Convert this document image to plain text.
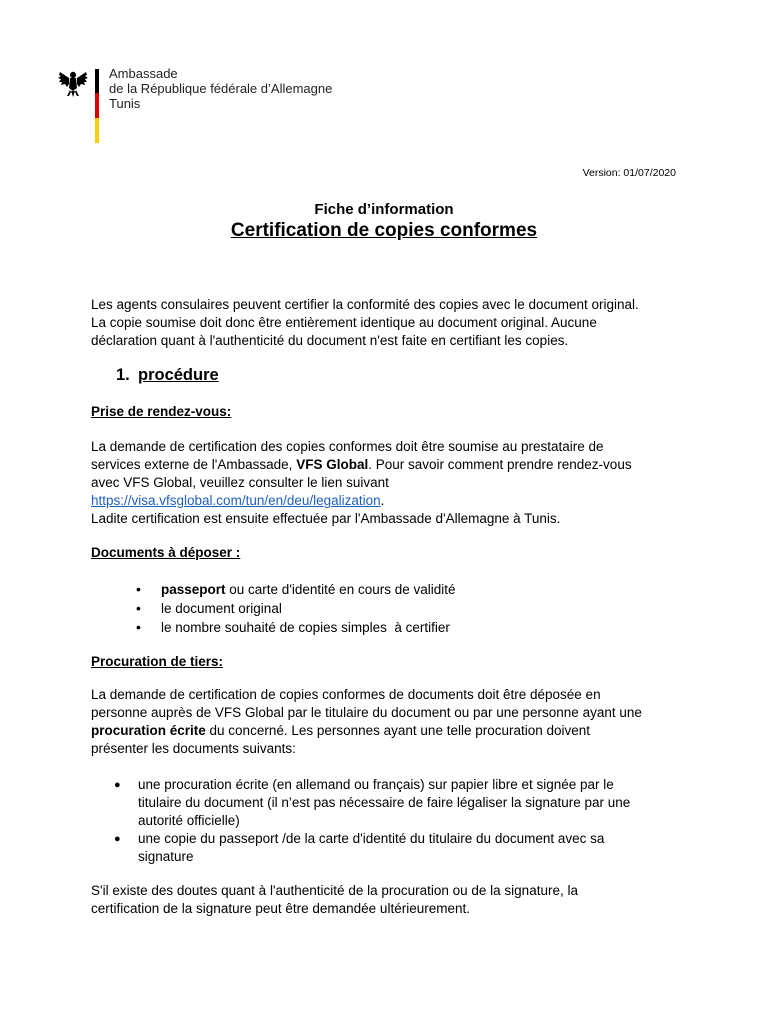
Ambassade
de la République fédérale d’Allemagne
Tunis
Version: 01/07/2020
Fiche d’information
Certification de copies conformes
Les agents consulaires peuvent certifier la conformité des copies avec le document original.
La copie soumise doit donc être entièrement identique au document original. Aucune
déclaration quant à l'authenticité du document n'est faite en certifiant les copies.
1. procédure
Prise de rendez-vous:
La demande de certification des copies conformes doit être soumise au prestataire de
services externe de l'Ambassade, VFS Global. Pour savoir comment prendre rendez-vous
avec VFS Global, veuillez consulter le lien suivant
https://visa.vfsglobal.com/tun/en/deu/legalization.
Ladite certification est ensuite effectuée par l'Ambassade d'Allemagne à Tunis.
Documents à déposer :
• passeport ou carte d'identité en cours de validité
• le document original
• le nombre souhaité de copies simples  à certifier
Procuration de tiers:
La demande de certification de copies conformes de documents doit être déposée en
personne auprès de VFS Global par le titulaire du document ou par une personne ayant une
procuration écrite du concerné. Les personnes ayant une telle procuration doivent
présenter les documents suivants:
● une procuration écrite (en allemand ou français) sur papier libre et signée par le
titulaire du document (il n’est pas nécessaire de faire légaliser la signature par une
autorité officielle)
● une copie du passeport /de la carte d'identité du titulaire du document avec sa
signature
S'il existe des doutes quant à l'authenticité de la procuration ou de la signature, la
certification de la signature peut être demandée ultérieurement.
